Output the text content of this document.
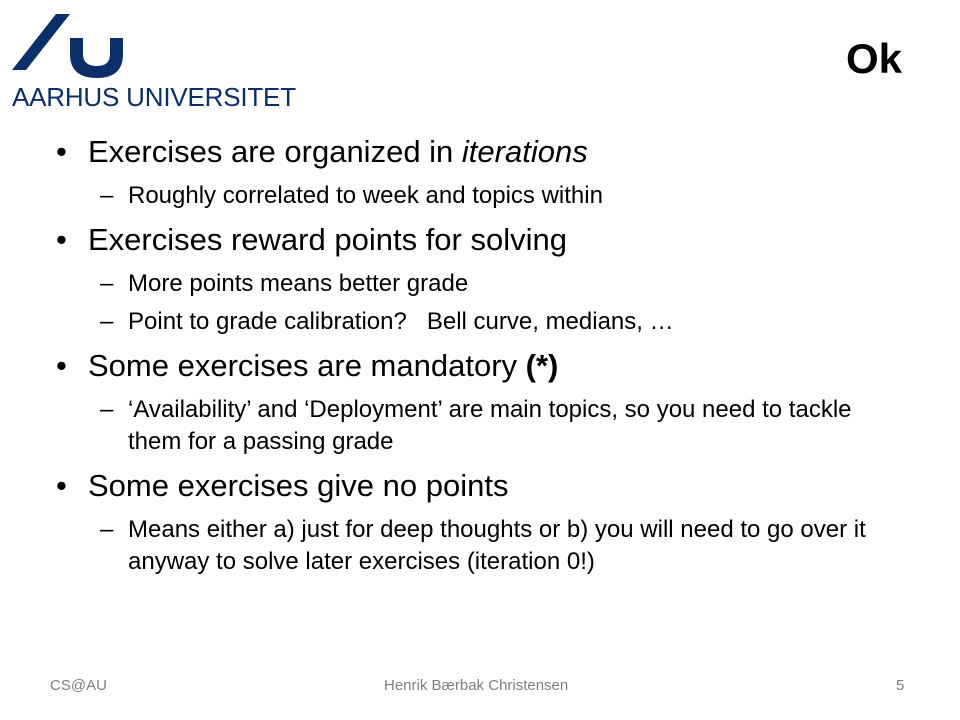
AARHUS UNIVERSITET
Ok
• Exercises are organized in iterations
– Roughly correlated to week and topics within
• Exercises reward points for solving
– More points means better grade
– Point to grade calibration?   Bell curve, medians, …
• Some exercises are mandatory (*)
– ‘Availability’ and ‘Deployment’ are main topics, so you need to tackle them for a passing grade
• Some exercises give no points
– Means either a) just for deep thoughts or b) you will need to go over it anyway to solve later exercises (iteration 0!)
CS@AU	Henrik Bærbak Christensen	5
